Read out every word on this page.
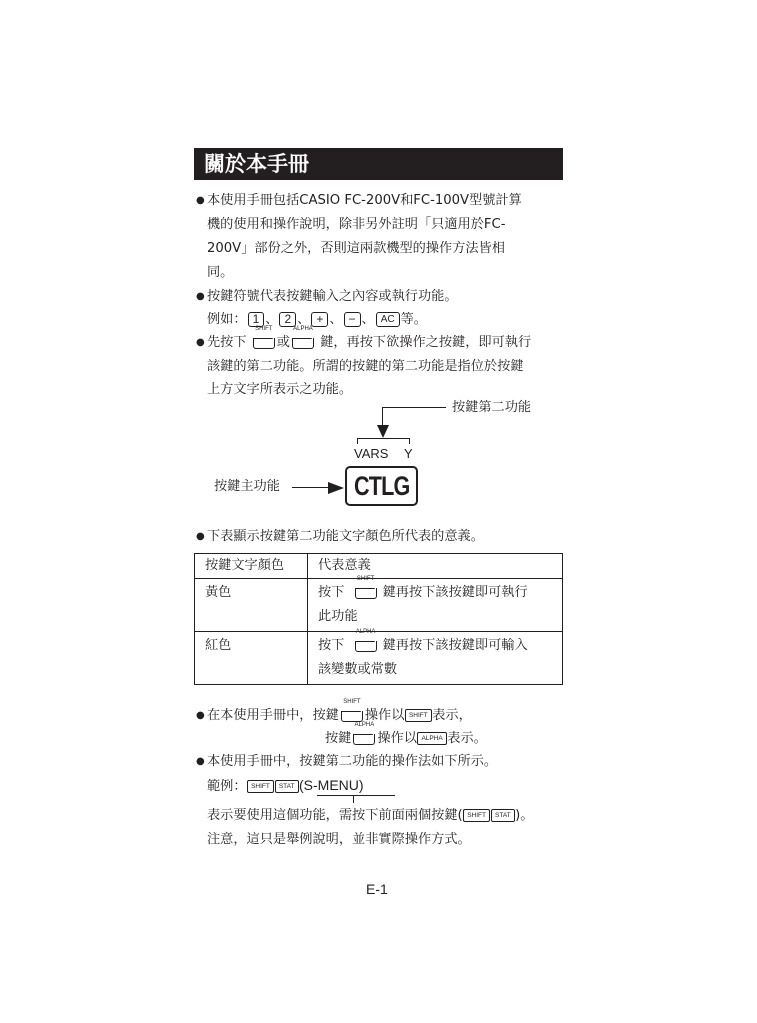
關於本手冊
● 本使用手冊包括CASIO FC-200V和FC-100V型號計算
機的使用和操作說明，除非另外註明「只適用於FC-
200V」部份之外，否則這兩款機型的操作方法皆相
同。
● 按鍵符號代表按鍵輸入之內容或執行功能。
例如： 1 、 2 、 + 、 − 、 AC 等。
● 先按下
SHIFT
或
ALPHA
鍵，再按下欲操作之按鍵，即可執行
該鍵的第二功能。所謂的按鍵的第二功能是指位於按鍵
上方文字所表示之功能。
按鍵第二功能
VARS Y
CTLG
按鍵主功能
● 下表顯示按鍵第二功能文字顏色所代表的意義。
按鍵文字顏色	代表意義
黃色	按下
SHIFT
鍵再按下該按鍵即可執行
此功能
紅色	按下
ALPHA
鍵再按下該按鍵即可輸入
該變數或常數
● 在本使用手冊中，按鍵
SHIFT
操作以 SHIFT 表示，
按鍵
ALPHA
操作以 ALPHA 表示。
● 本使用手冊中，按鍵第二功能的操作法如下所示。
範例： SHIFT STAT (S-MENU)
表示要使用這個功能，需按下前面兩個按鍵( SHIFT STAT )。
注意，這只是舉例說明，並非實際操作方式。
E-1
